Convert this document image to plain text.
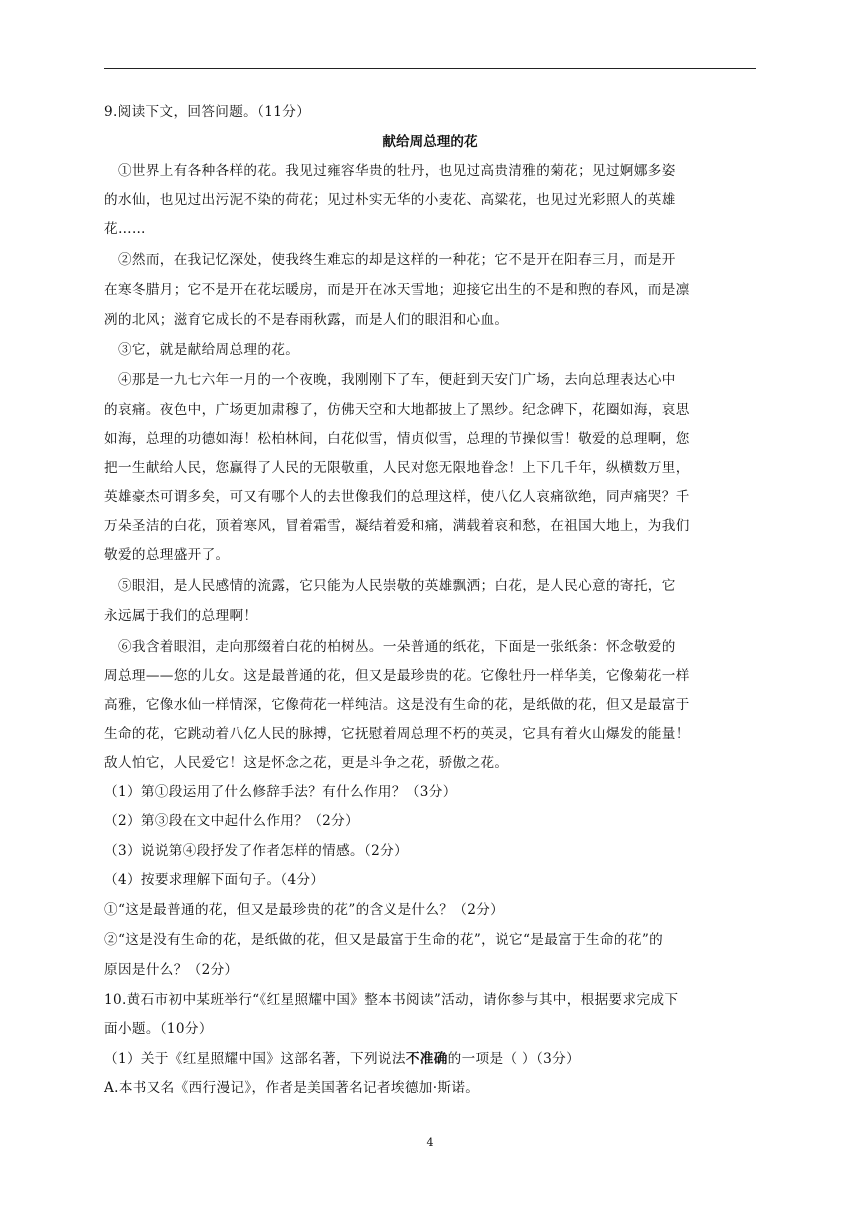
9.阅读下文，回答问题。（11分）
献给周总理的花
　①世界上有各种各样的花。我见过雍容华贵的牡丹，也见过高贵清雅的菊花；见过婀娜多姿
的水仙，也见过出污泥不染的荷花；见过朴实无华的小麦花、高粱花，也见过光彩照人的英雄
花……
　②然而，在我记忆深处，使我终生难忘的却是这样的一种花；它不是开在阳春三月，而是开
在寒冬腊月；它不是开在花坛暖房，而是开在冰天雪地；迎接它出生的不是和煦的春风，而是凛
冽的北风；滋育它成长的不是春雨秋露，而是人们的眼泪和心血。
　③它，就是献给周总理的花。
　④那是一九七六年一月的一个夜晚，我刚刚下了车，便赶到天安门广场，去向总理表达心中
的哀痛。夜色中，广场更加肃穆了，仿佛天空和大地都披上了黑纱。纪念碑下，花圈如海，哀思
如海，总理的功德如海！松柏林间，白花似雪，情贞似雪，总理的节操似雪！敬爱的总理啊，您
把一生献给人民，您赢得了人民的无限敬重，人民对您无限地眷念！上下几千年，纵横数万里，
英雄豪杰可谓多矣，可又有哪个人的去世像我们的总理这样，使八亿人哀痛欲绝，同声痛哭？千
万朵圣洁的白花，顶着寒风，冒着霜雪，凝结着爱和痛，满载着哀和愁，在祖国大地上，为我们
敬爱的总理盛开了。
　⑤眼泪，是人民感情的流露，它只能为人民崇敬的英雄飘洒；白花，是人民心意的寄托，它
永远属于我们的总理啊！
　⑥我含着眼泪，走向那缀着白花的柏树丛。一朵普通的纸花，下面是一张纸条：怀念敬爱的
周总理——您的儿女。这是最普通的花，但又是最珍贵的花。它像牡丹一样华美，它像菊花一样
高雅，它像水仙一样情深，它像荷花一样纯洁。这是没有生命的花，是纸做的花，但又是最富于
生命的花，它跳动着八亿人民的脉搏，它抚慰着周总理不朽的英灵，它具有着火山爆发的能量！
敌人怕它，人民爱它！这是怀念之花，更是斗争之花，骄傲之花。
（1）第①段运用了什么修辞手法？有什么作用？（3分）
（2）第③段在文中起什么作用？（2分）
（3）说说第④段抒发了作者怎样的情感。（2分）
（4）按要求理解下面句子。（4分）
①“这是最普通的花，但又是最珍贵的花”的含义是什么？（2分）
②“这是没有生命的花，是纸做的花，但又是最富于生命的花”，说它“是最富于生命的花”的
原因是什么？（2分）
10.黄石市初中某班举行“《红星照耀中国》整本书阅读”活动，请你参与其中，根据要求完成下
面小题。（10分）
（1）关于《红星照耀中国》这部名著，下列说法不准确的一项是（ ）（3分）
A.本书又名《西行漫记》，作者是美国著名记者埃德加·斯诺。
4
